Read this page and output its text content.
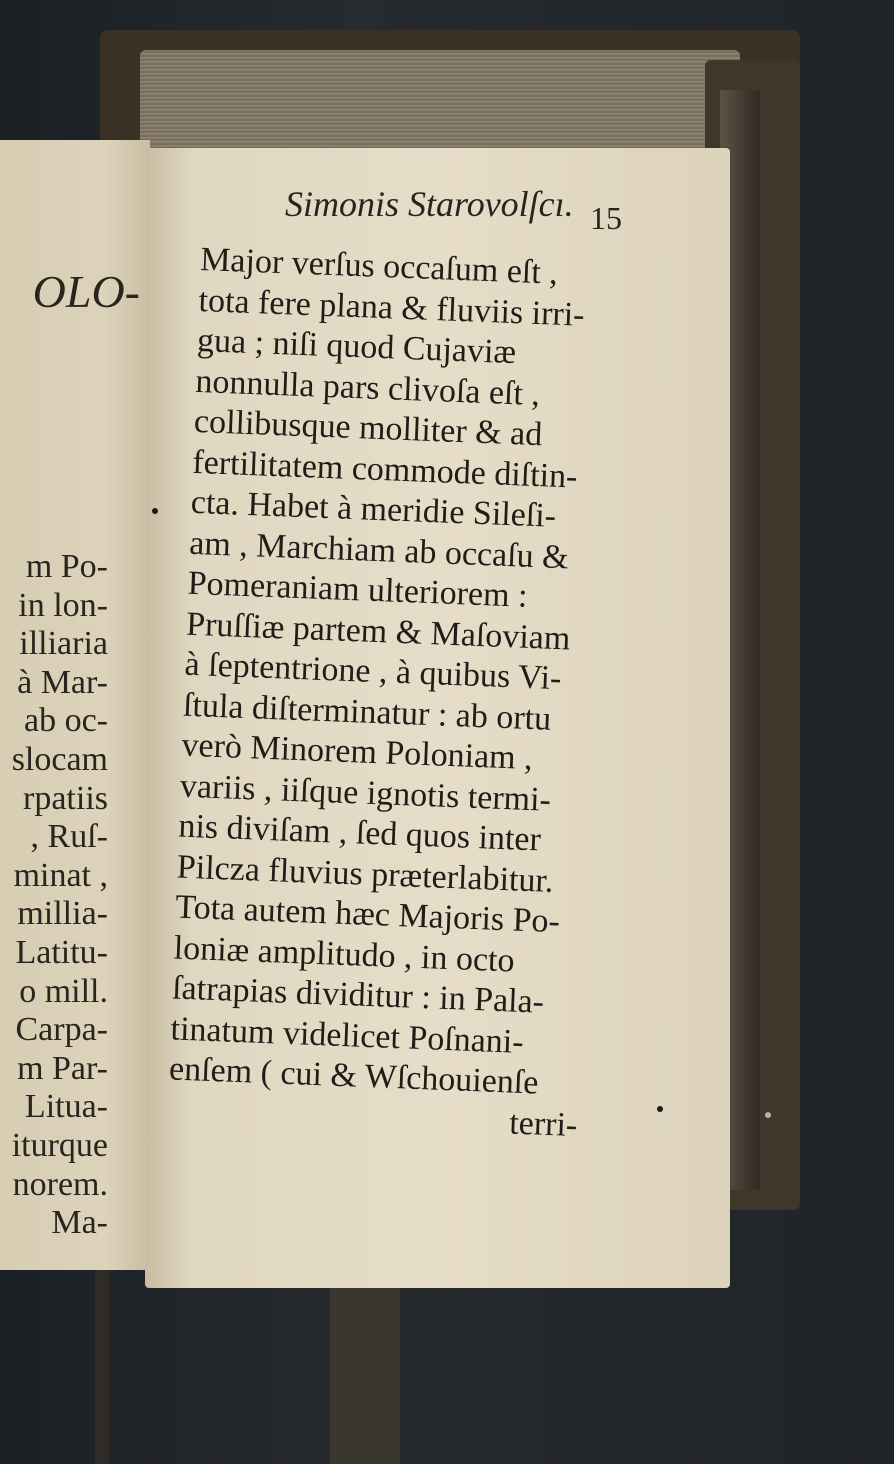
OLO-
m Po-
in lon-
illiaria
à Mar-
ab oc-
slocam
rpatiis
, Ruſ-
minat ,
millia-
Latitu-
o mill.
Carpa-
m Par-
Litua-
iturque
norem.
Ma-
Simonis Starovolſcı. 15
Major verſus occaſum eſt ,
tota fere plana & fluviis irri-
gua ; niſi quod Cujaviæ
nonnulla pars clivoſa eſt ,
collibusque molliter & ad
fertilitatem commode diſtin-
cta. Habet à meridie Sileſi-
am , Marchiam ab occaſu &
Pomeraniam ulteriorem :
Pruſſiæ partem & Maſoviam
à ſeptentrione , à quibus Vi-
ſtula diſterminatur : ab ortu
verò Minorem Poloniam ,
variis , iiſque ignotis termi-
nis diviſam , ſed quos inter
Pilcza fluvius præterlabitur.
Tota autem hæc Majoris Po-
loniæ amplitudo , in octo
ſatrapias dividitur : in Pala-
tinatum videlicet Poſnani-
enſem ( cui & Wſchouienſe
terri-
